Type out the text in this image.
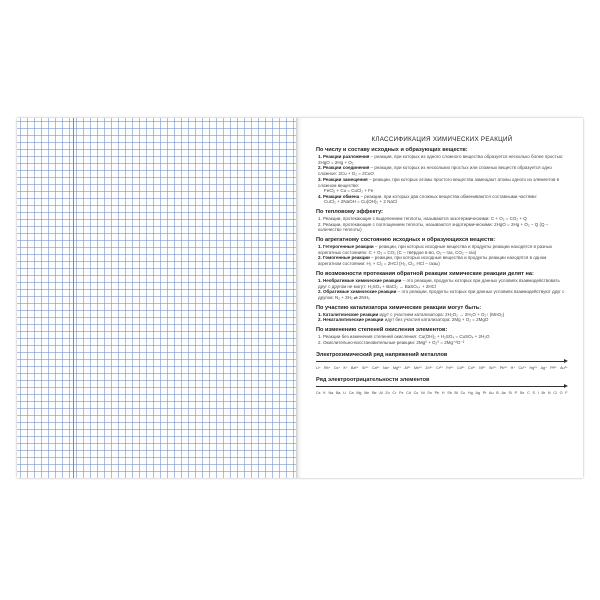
КЛАССИФИКАЦИЯ ХИМИЧЕСКИХ РЕАКЦИЙ
По числу и составу исходных и образующих веществ:
1. Реакции разложения – реакции, при которых из одного сложного вещества образуется несколько более простых: 2HgO = 2Hg + O₂
2. Реакции соединения – реакции, при которых из нескольких простых или сложных веществ образуется одно сложное: 2Cu + O₂ = 2CuO
3. Реакции замещения – реакции, при которых атомы простого вещества замещают атомы одного из элементов в сложном веществе:
FeCl₂ + Cu = CuCl₂ + Fe
4. Реакции обмена – реакции, при которых два сложных вещества обмениваются составными частями:
CuCl₂ + 2NaOH = Cu(OH)₂ + 2 NaCl
По тепловому эффекту:
1. Реакции, протекающие с выделением теплоты, называются экзотермическими: C + O₂ = CO₂ + Q
2. Реакции, протекающие с поглощением теплоты, называются эндотермическими: 2HgO = 2Hg + O₂ − Q (Q – количество теплоты)
По агрегатному состоянию исходных и образующихся веществ:
1. Гетерогенные реакции – реакции, при которых исходные вещества и продукты реакции находятся в разных агрегатных состояниях: C + O₂ = CO₂ (C – твёрдое в-во, O₂ – газ, CO₂ – газ)
2. Гомогенные реакции – реакции, при которых исходные вещества и продукты реакции находятся в одном агрегатном состоянии: H₂ + Cl₂ = 2HCl (H₂, Cl₂, HCl – газы)
По возможности протекания обратной реакции химические реакции делят на:
1. Необратимые химические реакции – это реакции, продукты которых при данных условиях взаимодействовать друг с другом не могут: H₂SO₄ + BaCl₂ → BaSO₄↓ + 2HCl
2. Обратимые химические реакции – это реакции, продукты которых при данных условиях взаимодействуют друг с другом: N₂ + 3H₂ ⇄ 2NH₃
По участию катализатора химические реакции могут быть:
1. Каталитические реакции идут с участием катализатора: 2H₂O₂ → 2H₂O + O₂↑ (MnO₂)
2. Некаталитические реакции идут без участия катализатора: 2Mg + O₂ = 2MgO
По изменению степеней окисления элементов:
1. Реакции без изменения степеней окисления: Cu(OH)₂ + H₂SO₄ = CuSO₄ + 2H₂O
2. Окислительно-восстановительные реакции: 2Mg⁰ + O₂⁰ = 2Mg⁺²O⁻²
Электрохимический ряд напряжений металлов
Li⁺ Rb⁺ Cs⁺ K⁺ Ba²⁺ Sr²⁺ Ca²⁺ Na⁺ Mg²⁺ Al³⁺ Mn²⁺ Zn²⁺ Cr³⁺ Fe²⁺ Cd²⁺ Co²⁺ Ni²⁺ Sn²⁺ Pb²⁺ H⁺ Cu²⁺ Hg²⁺ Ag⁺ Pt²⁺ Au³⁺
Ряд электроотрицательности элементов
Cs K Na Ba Li Ca Mg Mn Be Al Zn Cr Fe Cd Co Ni Sn Pb H Sb Bi Cu Hg Ag Pt Au B As Si P Se C S I Br N Cl O F
